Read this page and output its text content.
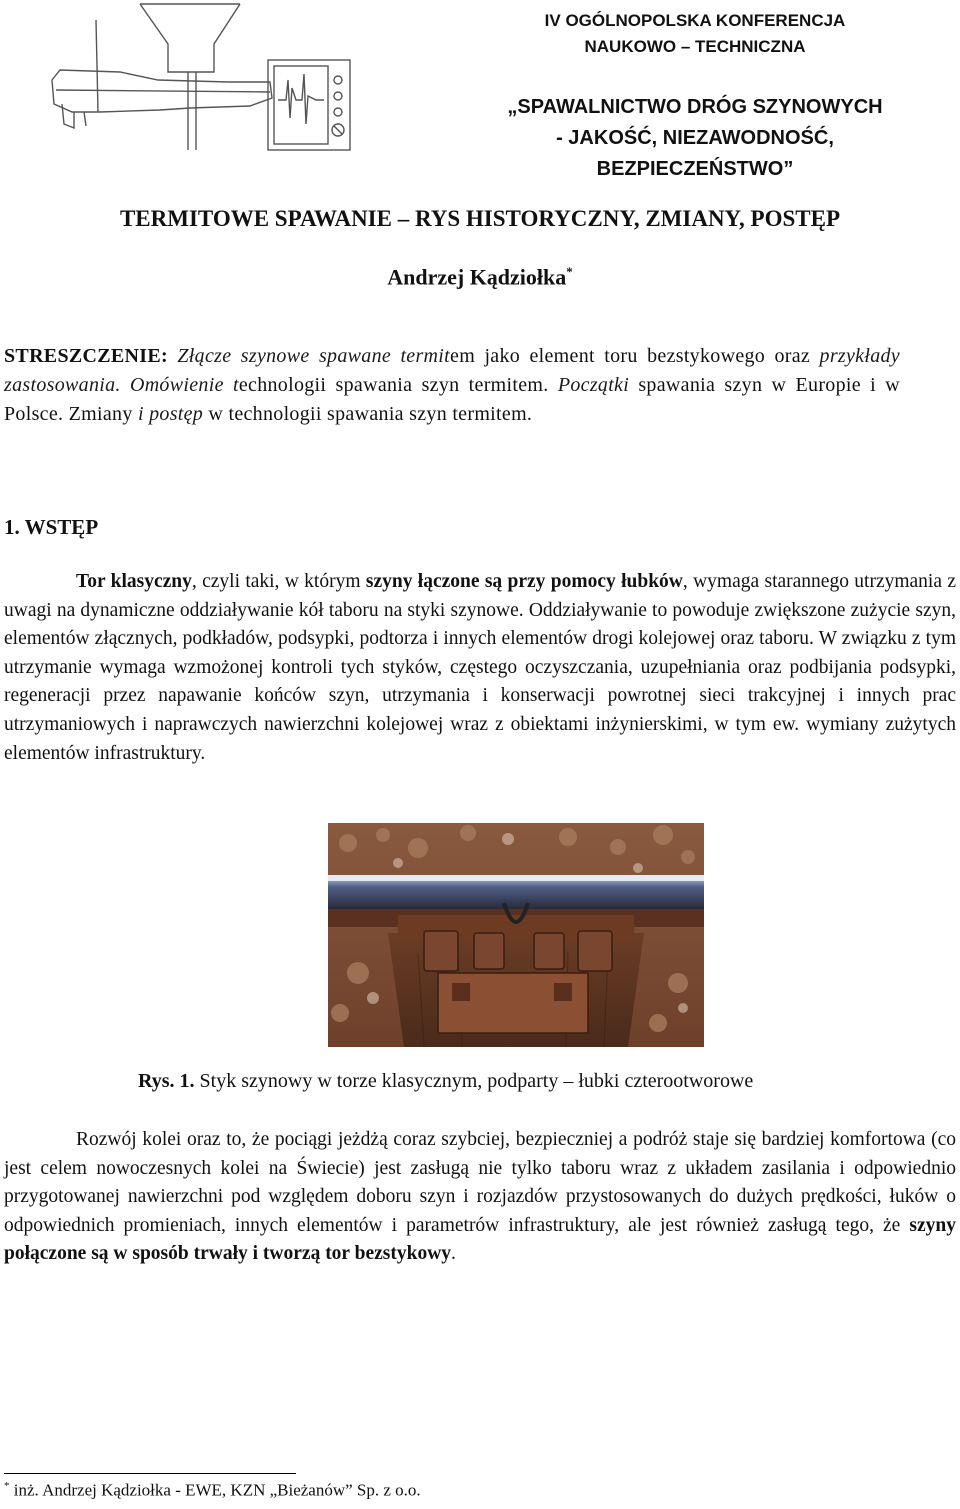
IV OGÓLNOPOLSKA KONFERENCJA
NAUKOWO – TECHNICZNA
„SPAWALNICTWO DRÓG SZYNOWYCH
- JAKOŚĆ, NIEZAWODNOŚĆ,
BEZPIECZEŃSTWO”
TERMITOWE SPAWANIE – RYS HISTORYCZNY, ZMIANY, POSTĘP
Andrzej Kądziołka*
STRESZCZENIE: Złącze szynowe spawane termitem jako element toru bezstykowego oraz przykłady zastosowania. Omówienie technologii spawania szyn termitem. Początki spawania szyn w Europie i w Polsce. Zmiany i postęp w technologii spawania szyn termitem.
1. WSTĘP
Tor klasyczny, czyli taki, w którym szyny łączone są przy pomocy łubków, wymaga starannego utrzymania z uwagi na dynamiczne oddziaływanie kół taboru na styki szynowe. Oddziaływanie to powoduje zwiększone zużycie szyn, elementów złącznych, podkładów, podsypki, podtorza i innych elementów drogi kolejowej oraz taboru. W związku z tym utrzymanie wymaga wzmożonej kontroli tych styków, częstego oczyszczania, uzupełniania oraz podbijania podsypki, regeneracji przez napawanie końców szyn, utrzymania i konserwacji powrotnej sieci trakcyjnej i innych prac utrzymaniowych i naprawczych nawierzchni kolejowej wraz z obiektami inżynierskimi, w tym ew. wymiany zużytych elementów infrastruktury.
Rys. 1. Styk szynowy w torze klasycznym, podparty – łubki czterootworowe
Rozwój kolei oraz to, że pociągi jeżdżą coraz szybciej, bezpieczniej a podróż staje się bardziej komfortowa (co jest celem nowoczesnych kolei na Świecie) jest zasługą nie tylko taboru wraz z układem zasilania i odpowiednio przygotowanej nawierzchni pod względem doboru szyn i rozjazdów przystosowanych do dużych prędkości, łuków o odpowiednich promieniach, innych elementów i parametrów infrastruktury, ale jest również zasługą tego, że szyny połączone są w sposób trwały i tworzą tor bezstykowy.
* inż. Andrzej Kądziołka - EWE, KZN „Bieżanów” Sp. z o.o.
